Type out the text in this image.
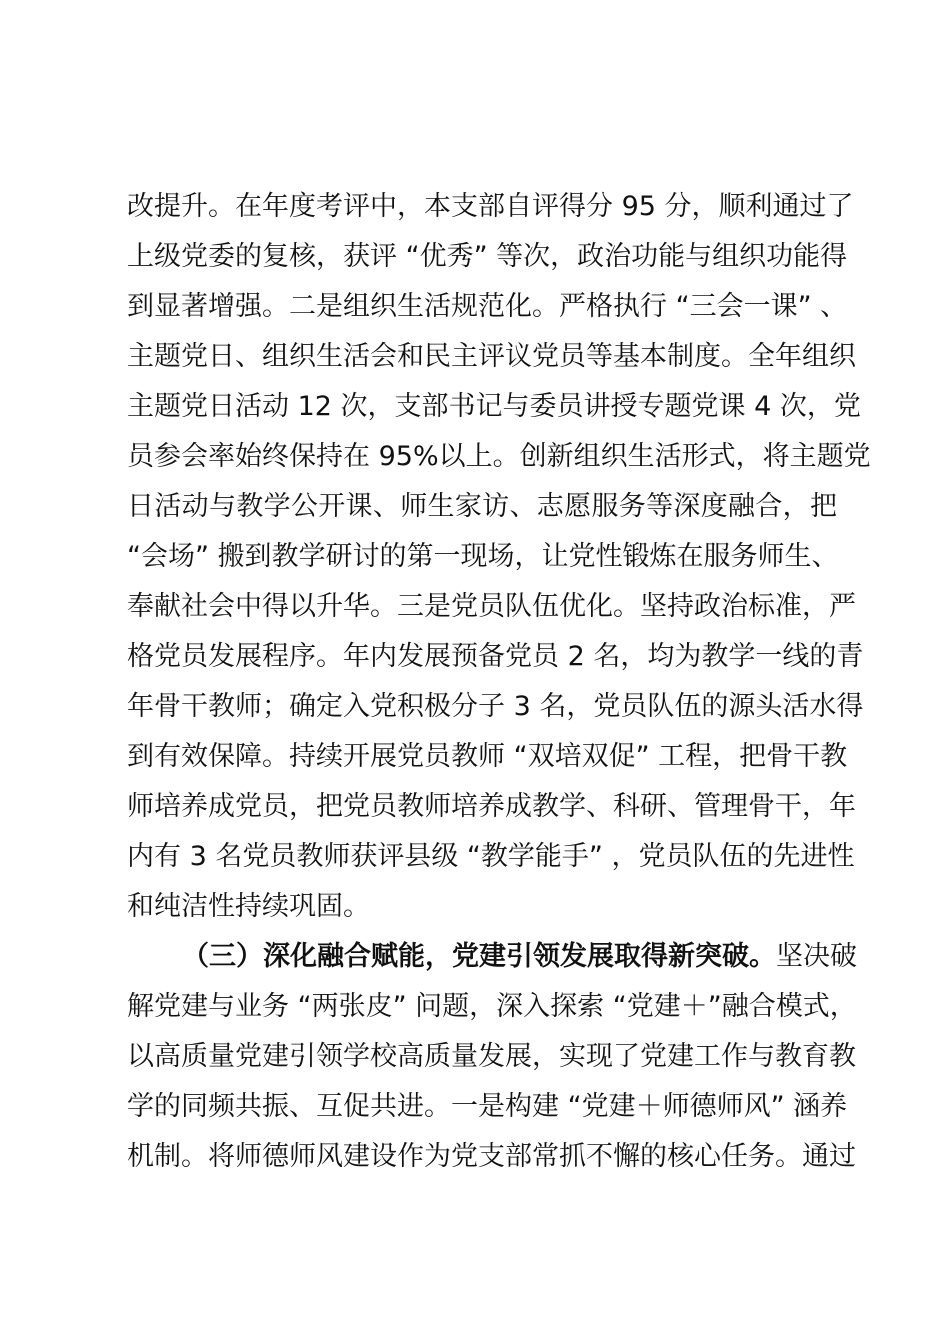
改提升。在年度考评中，本支部自评得分 95 分，顺利通过了
上级党委的复核，获评 “优秀” 等次，政治功能与组织功能得
到显著增强。二是组织生活规范化。严格执行 “三会一课” 、
主题党日、组织生活会和民主评议党员等基本制度。全年组织
主题党日活动 12 次，支部书记与委员讲授专题党课 4 次，党
员参会率始终保持在 95%以上。创新组织生活形式，将主题党
日活动与教学公开课、师生家访、志愿服务等深度融合，把
“会场” 搬到教学研讨的第一现场，让党性锻炼在服务师生、
奉献社会中得以升华。三是党员队伍优化。坚持政治标准，严
格党员发展程序。年内发展预备党员 2 名，均为教学一线的青
年骨干教师；确定入党积极分子 3 名，党员队伍的源头活水得
到有效保障。持续开展党员教师 “双培双促” 工程，把骨干教
师培养成党员，把党员教师培养成教学、科研、管理骨干，年
内有 3 名党员教师获评县级 “教学能手” ，党员队伍的先进性
和纯洁性持续巩固。
（三）深化融合赋能，党建引领发展取得新突破。坚决破
解党建与业务 “两张皮” 问题，深入探索 “党建＋”融合模式，
以高质量党建引领学校高质量发展，实现了党建工作与教育教
学的同频共振、互促共进。一是构建 “党建＋师德师风” 涵养
机制。将师德师风建设作为党支部常抓不懈的核心任务。通过
